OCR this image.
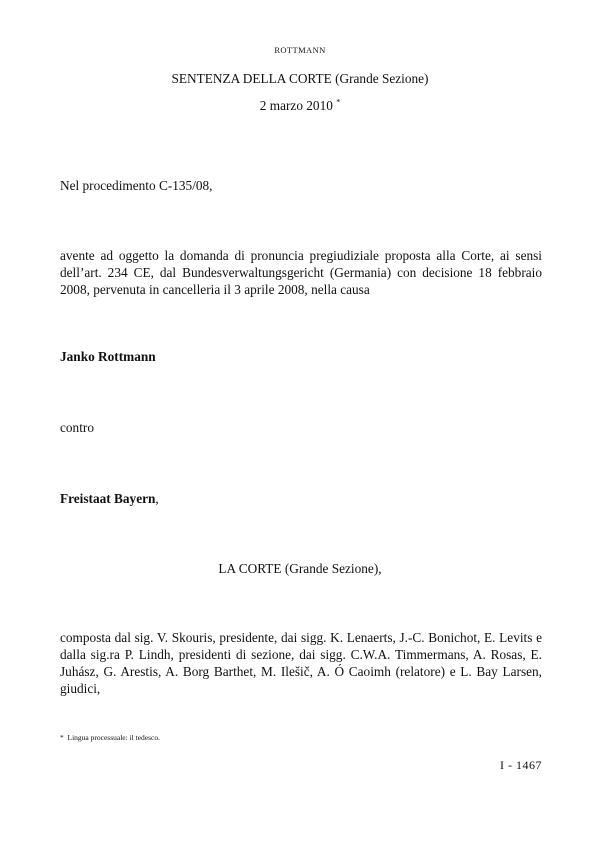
ROTTMANN
SENTENZA DELLA CORTE (Grande Sezione)
2 marzo 2010 *
Nel procedimento C-135/08,
avente ad oggetto la domanda di pronuncia pregiudiziale proposta alla Corte, ai sensi dell’art. 234 CE, dal Bundesverwaltungsgericht (Germania) con decisione 18 febbraio 2008, pervenuta in cancelleria il 3 aprile 2008, nella causa
Janko Rottmann
contro
Freistaat Bayern,
LA CORTE (Grande Sezione),
composta dal sig. V. Skouris, presidente, dai sigg. K. Lenaerts, J.-C. Bonichot, E. Levits e dalla sig.ra P. Lindh, presidenti di sezione, dai sigg. C.W.A. Timmermans, A. Rosas, E. Juhász, G. Arestis, A. Borg Barthet, M. Ilešič, A. Ó Caoimh (relatore) e L. Bay Larsen, giudici,
* Lingua processuale: il tedesco.
I - 1467
